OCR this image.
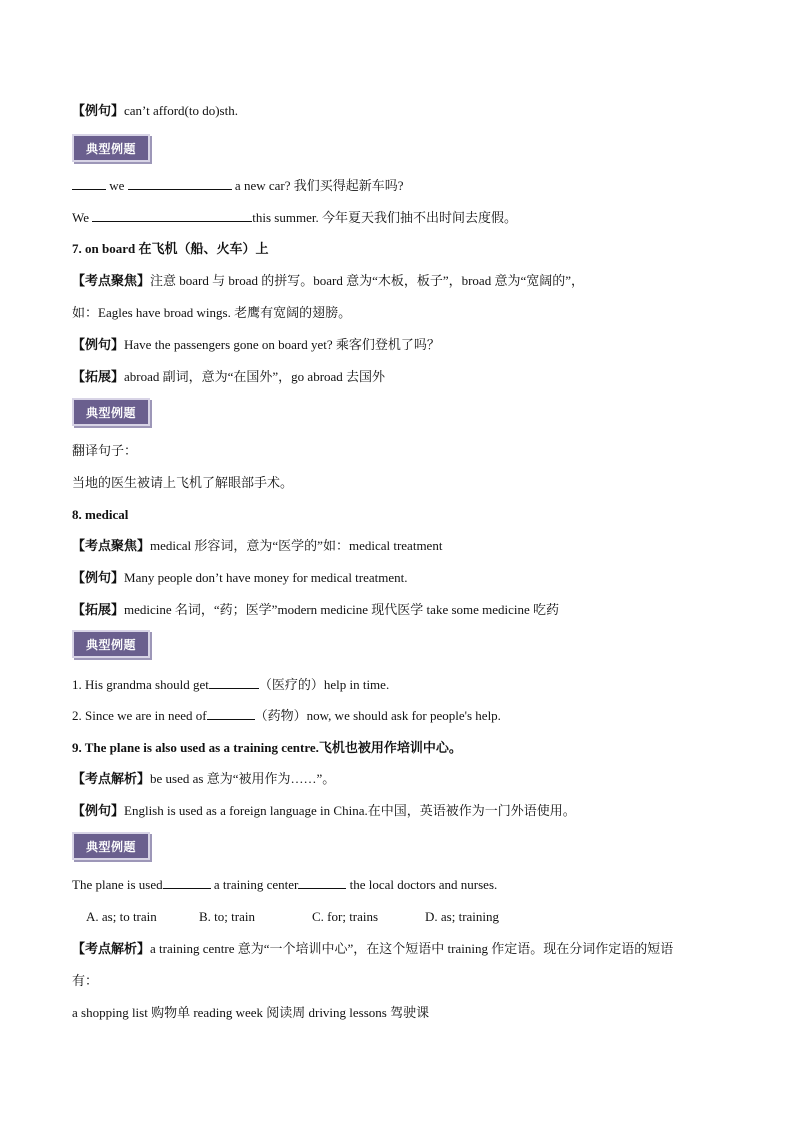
【例句】can’t afford(to do)sth.
典型例题
we	a new car? 我们买得起新车吗?
We	this summer. 今年夏天我们抽不出时间去度假。
7. on board 在飞机（船、火车）上
【考点聚焦】注意 board 与 broad 的拼写。board 意为“木板，板子”，broad 意为“宽阔的”，
如：Eagles have broad wings. 老鹰有宽阔的翅膀。
【例句】Have the passengers gone on board yet? 乘客们登机了吗？
【拓展】abroad 副词，意为“在国外”，go abroad 去国外
典型例题
翻译句子：
当地的医生被请上飞机了解眼部手术。
8. medical
【考点聚焦】medical 形容词，意为“医学的”如：medical treatment
【例句】Many people don’t have money for medical treatment.
【拓展】medicine 名词，“药；医学”modern medicine 现代医学 take some medicine 吃药
典型例题
1. His grandma should get	（医疗的）help in time.
2. Since we are in need of	（药物）now, we should ask for people's help.
9. The plane is also used as a training centre.飞机也被用作培训中心。
【考点解析】be used as 意为“被用作为……”。
【例句】English is used as a foreign language in China.在中国，英语被作为一门外语使用。
典型例题
The plane is used	a training center	the local doctors and nurses.
A. as; to train	B. to; train	C. for; trains	D. as; training
【考点解析】a training centre 意为“一个培训中心”，在这个短语中 training 作定语。现在分词作定语的短语
有：
a shopping list 购物单 reading week 阅读周 driving lessons 驾驶课
